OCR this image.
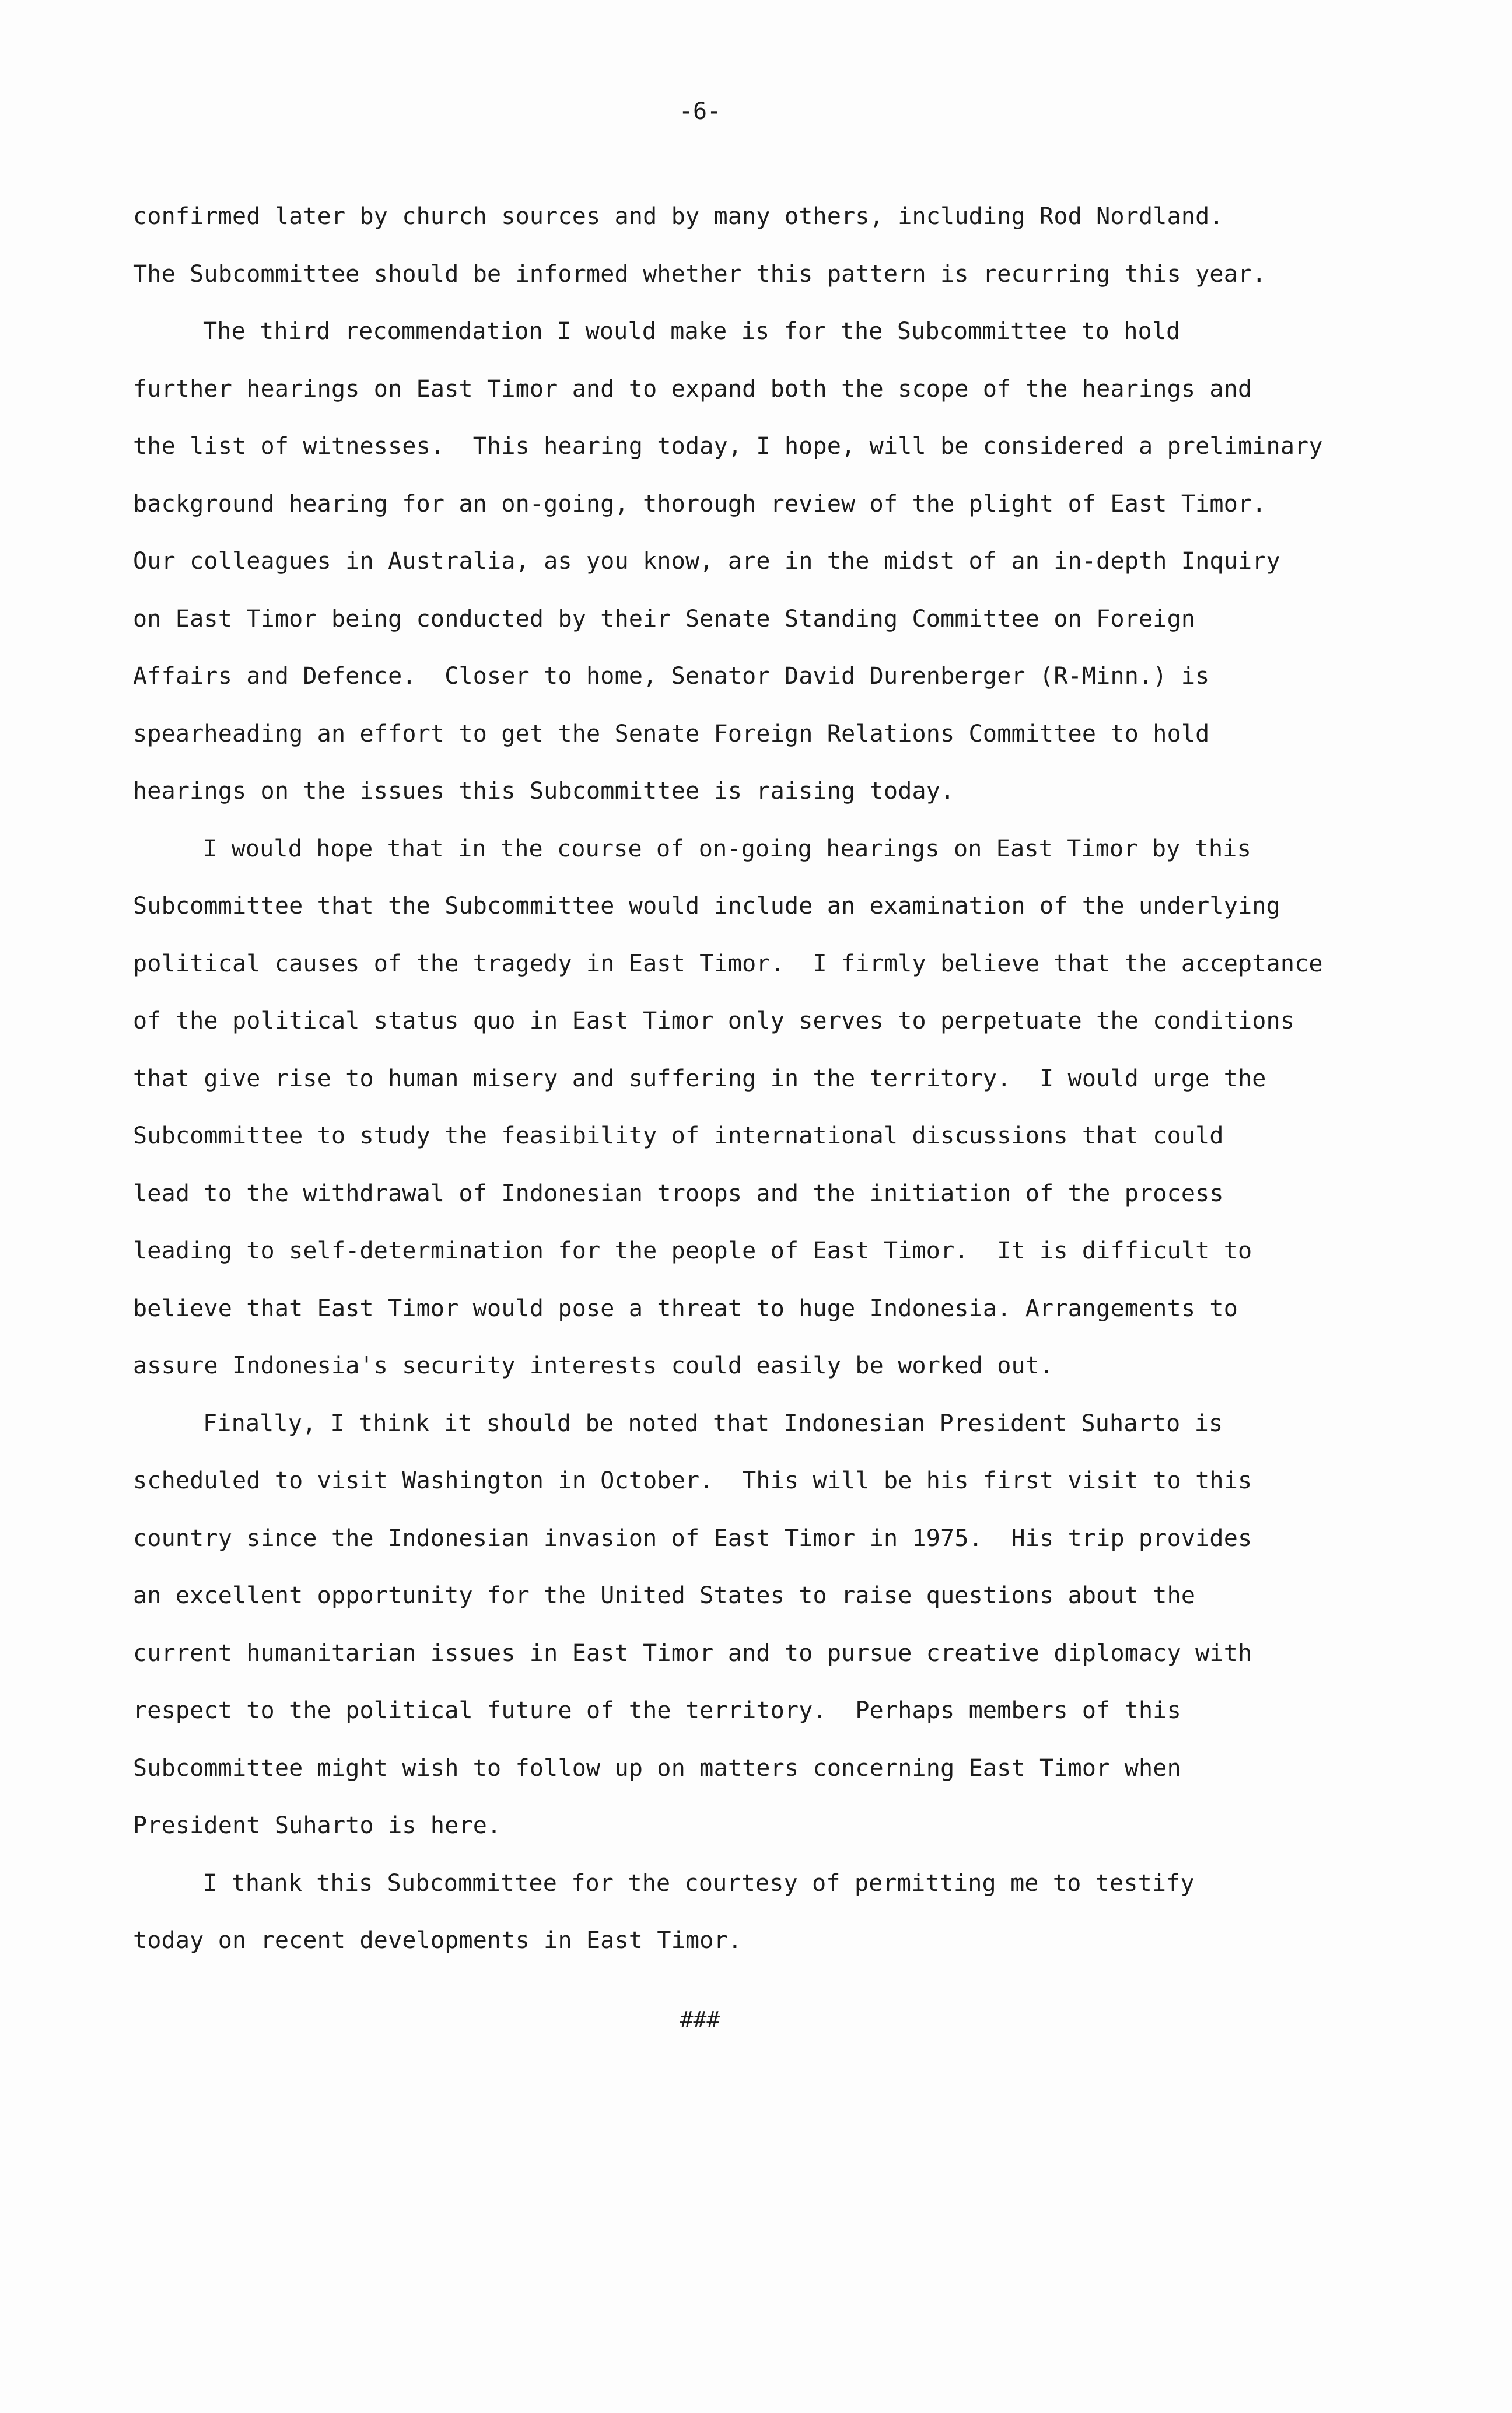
-6-
confirmed later by church sources and by many others, including Rod Nordland.
The Subcommittee should be informed whether this pattern is recurring this year.
The third recommendation I would make is for the Subcommittee to hold
further hearings on East Timor and to expand both the scope of the hearings and
the list of witnesses.  This hearing today, I hope, will be considered a preliminary
background hearing for an on-going, thorough review of the plight of East Timor.
Our colleagues in Australia, as you know, are in the midst of an in-depth Inquiry
on East Timor being conducted by their Senate Standing Committee on Foreign
Affairs and Defence.  Closer to home, Senator David Durenberger (R-Minn.) is
spearheading an effort to get the Senate Foreign Relations Committee to hold
hearings on the issues this Subcommittee is raising today.
I would hope that in the course of on-going hearings on East Timor by this
Subcommittee that the Subcommittee would include an examination of the underlying
political causes of the tragedy in East Timor.  I firmly believe that the acceptance
of the political status quo in East Timor only serves to perpetuate the conditions
that give rise to human misery and suffering in the territory.  I would urge the
Subcommittee to study the feasibility of international discussions that could
lead to the withdrawal of Indonesian troops and the initiation of the process
leading to self-determination for the people of East Timor.  It is difficult to
believe that East Timor would pose a threat to huge Indonesia. Arrangements to
assure Indonesia's security interests could easily be worked out.
Finally, I think it should be noted that Indonesian President Suharto is
scheduled to visit Washington in October.  This will be his first visit to this
country since the Indonesian invasion of East Timor in 1975.  His trip provides
an excellent opportunity for the United States to raise questions about the
current humanitarian issues in East Timor and to pursue creative diplomacy with
respect to the political future of the territory.  Perhaps members of this
Subcommittee might wish to follow up on matters concerning East Timor when
President Suharto is here.
I thank this Subcommittee for the courtesy of permitting me to testify
today on recent developments in East Timor.
###
